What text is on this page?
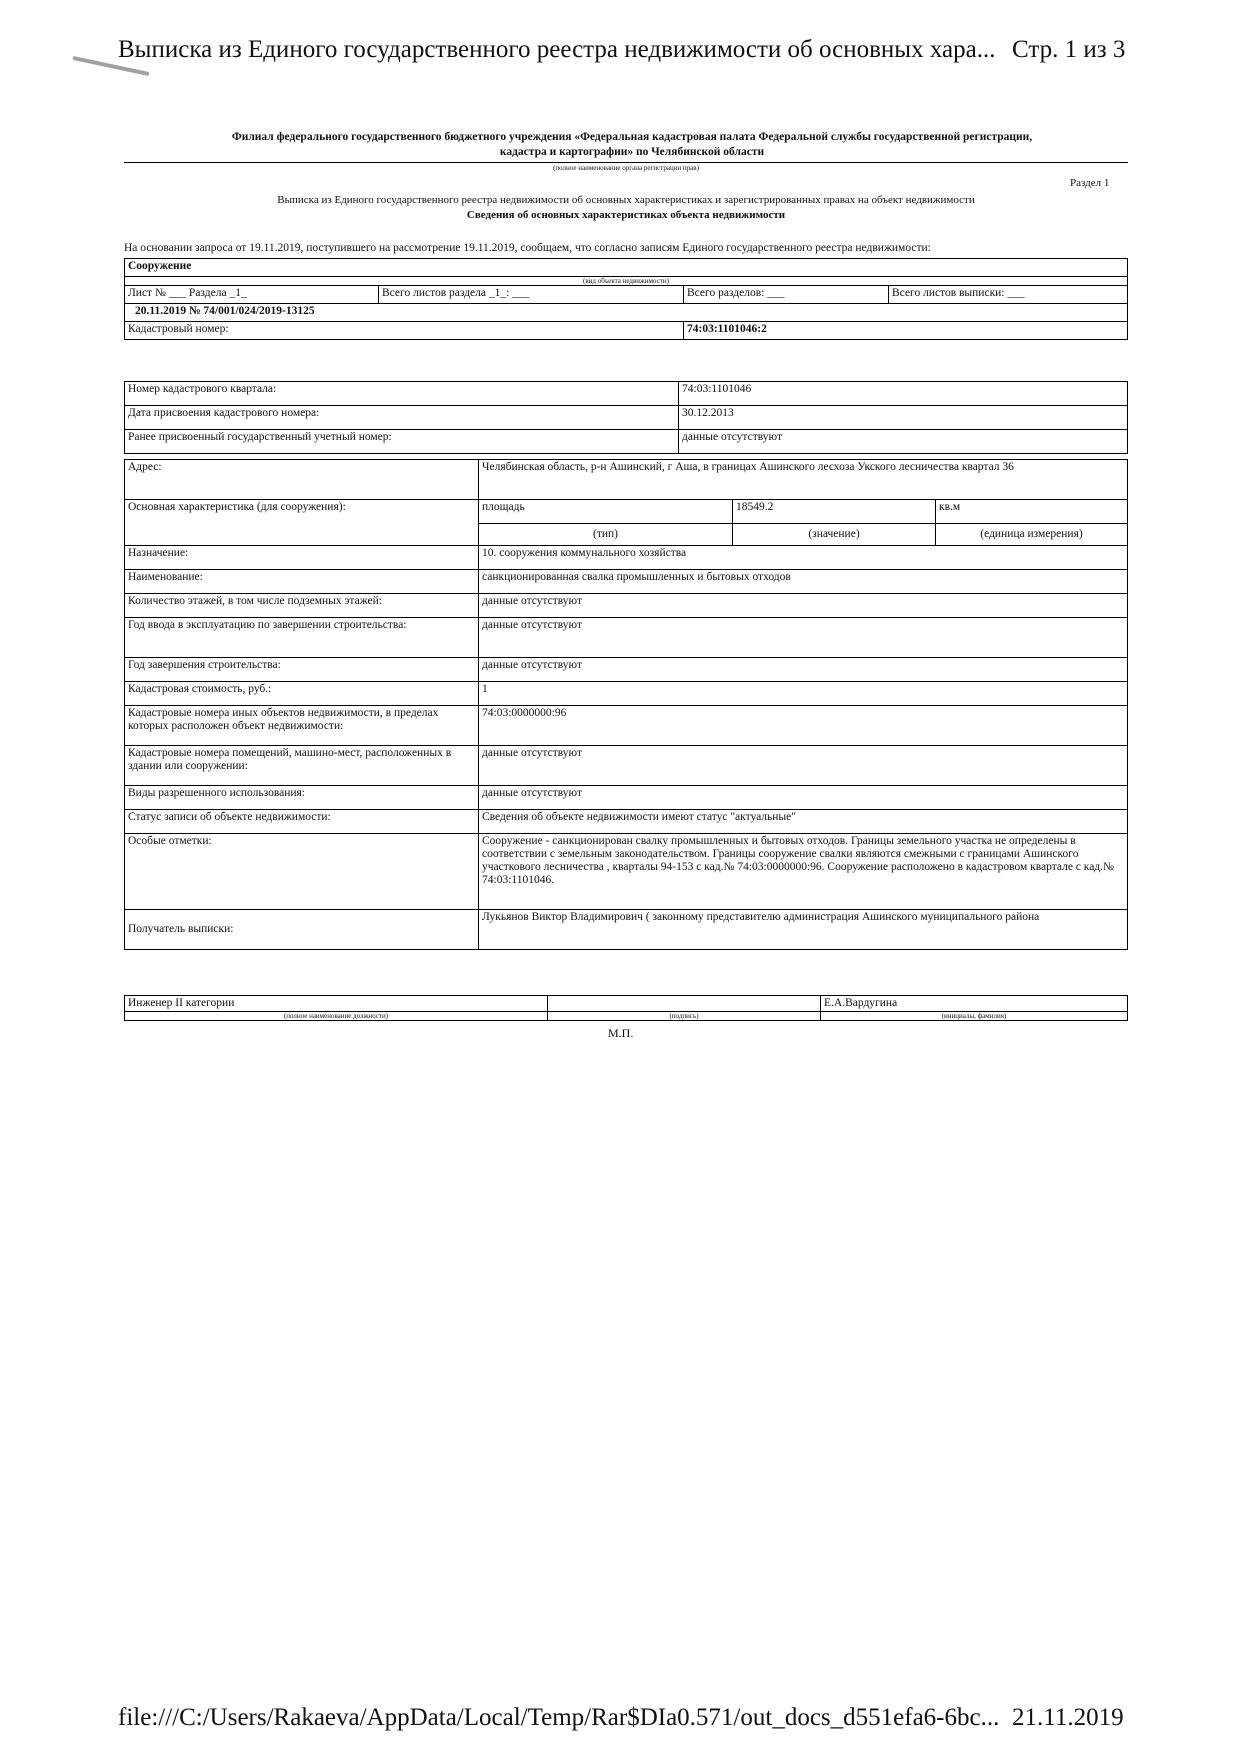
Выписка из Единого государственного реестра недвижимости об основных хара... Стр. 1 из 3
Филиал федерального государственного бюджетного учреждения «Федеральная кадастровая палата Федеральной службы государственной регистрации,
кадастра и картографии» по Челябинской области
(полное наименование органа регистрации прав)
Раздел 1
Выписка из Единого государственного реестра недвижимости об основных характеристиках и зарегистрированных правах на объект недвижимости
Сведения об основных характеристиках объекта недвижимости
На основании запроса от 19.11.2019, поступившего на рассмотрение 19.11.2019, сообщаем, что согласно записям Единого государственного реестра недвижимости:
Сооружение			
(вид объекта недвижимости)			
Лист № ___ Раздела _1_	Всего листов раздела _1_: ___	Всего разделов: ___	Всего листов выписки: ___
20.11.2019 № 74/001/024/2019-13125			
Кадастровый номер:		74:03:1101046:2	
Номер кадастрового квартала:	74:03:1101046
Дата присвоения кадастрового номера:	30.12.2013
Ранее присвоенный государственный учетный номер:	данные отсутствуют
Адрес:	Челябинская область, р-н Ашинский, г Аша, в границах Ашинского лесхоза Укского лесничества квартал 36		
Основная характеристика (для сооружения):	площадь	18549.2	кв.м
	(тип)	(значение)	(единица измерения)
Назначение:	10. сооружения коммунального хозяйства		
Наименование:	санкционированная свалка промышленных и бытовых отходов		
Количество этажей, в том числе подземных этажей:	данные отсутствуют		
Год ввода в эксплуатацию по завершении строительства:	данные отсутствуют		
Год завершения строительства:	данные отсутствуют		
Кадастровая стоимость, руб.:	1		
Кадастровые номера иных объектов недвижимости, в пределах которых расположен объект недвижимости:	74:03:0000000:96		
Кадастровые номера помещений, машино-мест, расположенных в здании или сооружении:	данные отсутствуют		
Виды разрешенного использования:	данные отсутствуют		
Статус записи об объекте недвижимости:	Сведения об объекте недвижимости имеют статус "актуальные"		
Особые отметки:	Сооружение - санкционирован свалку промышленных и бытовых отходов. Границы земельного участка не определены в соответствии с земельным законодательством. Границы сооружение свалки являются смежными с границами Ашинского участкового лесничества , кварталы 94-153 с кад.№ 74:03:0000000:96. Сооружение расположено в кадастровом квартале с кад.№ 74:03:1101046.		
Получатель выписки:	Лукьянов Виктор Владимирович ( законному представителю администрация Ашинского муниципального района		
Инженер II категории		Е.А.Вардугина
(полное наименование должности)	(подпись)	(инициалы, фамилия)
М.П.
file:///C:/Users/Rakaeva/AppData/Local/Temp/Rar$DIa0.571/out_docs_d551efa6-6bc... 21.11.2019
